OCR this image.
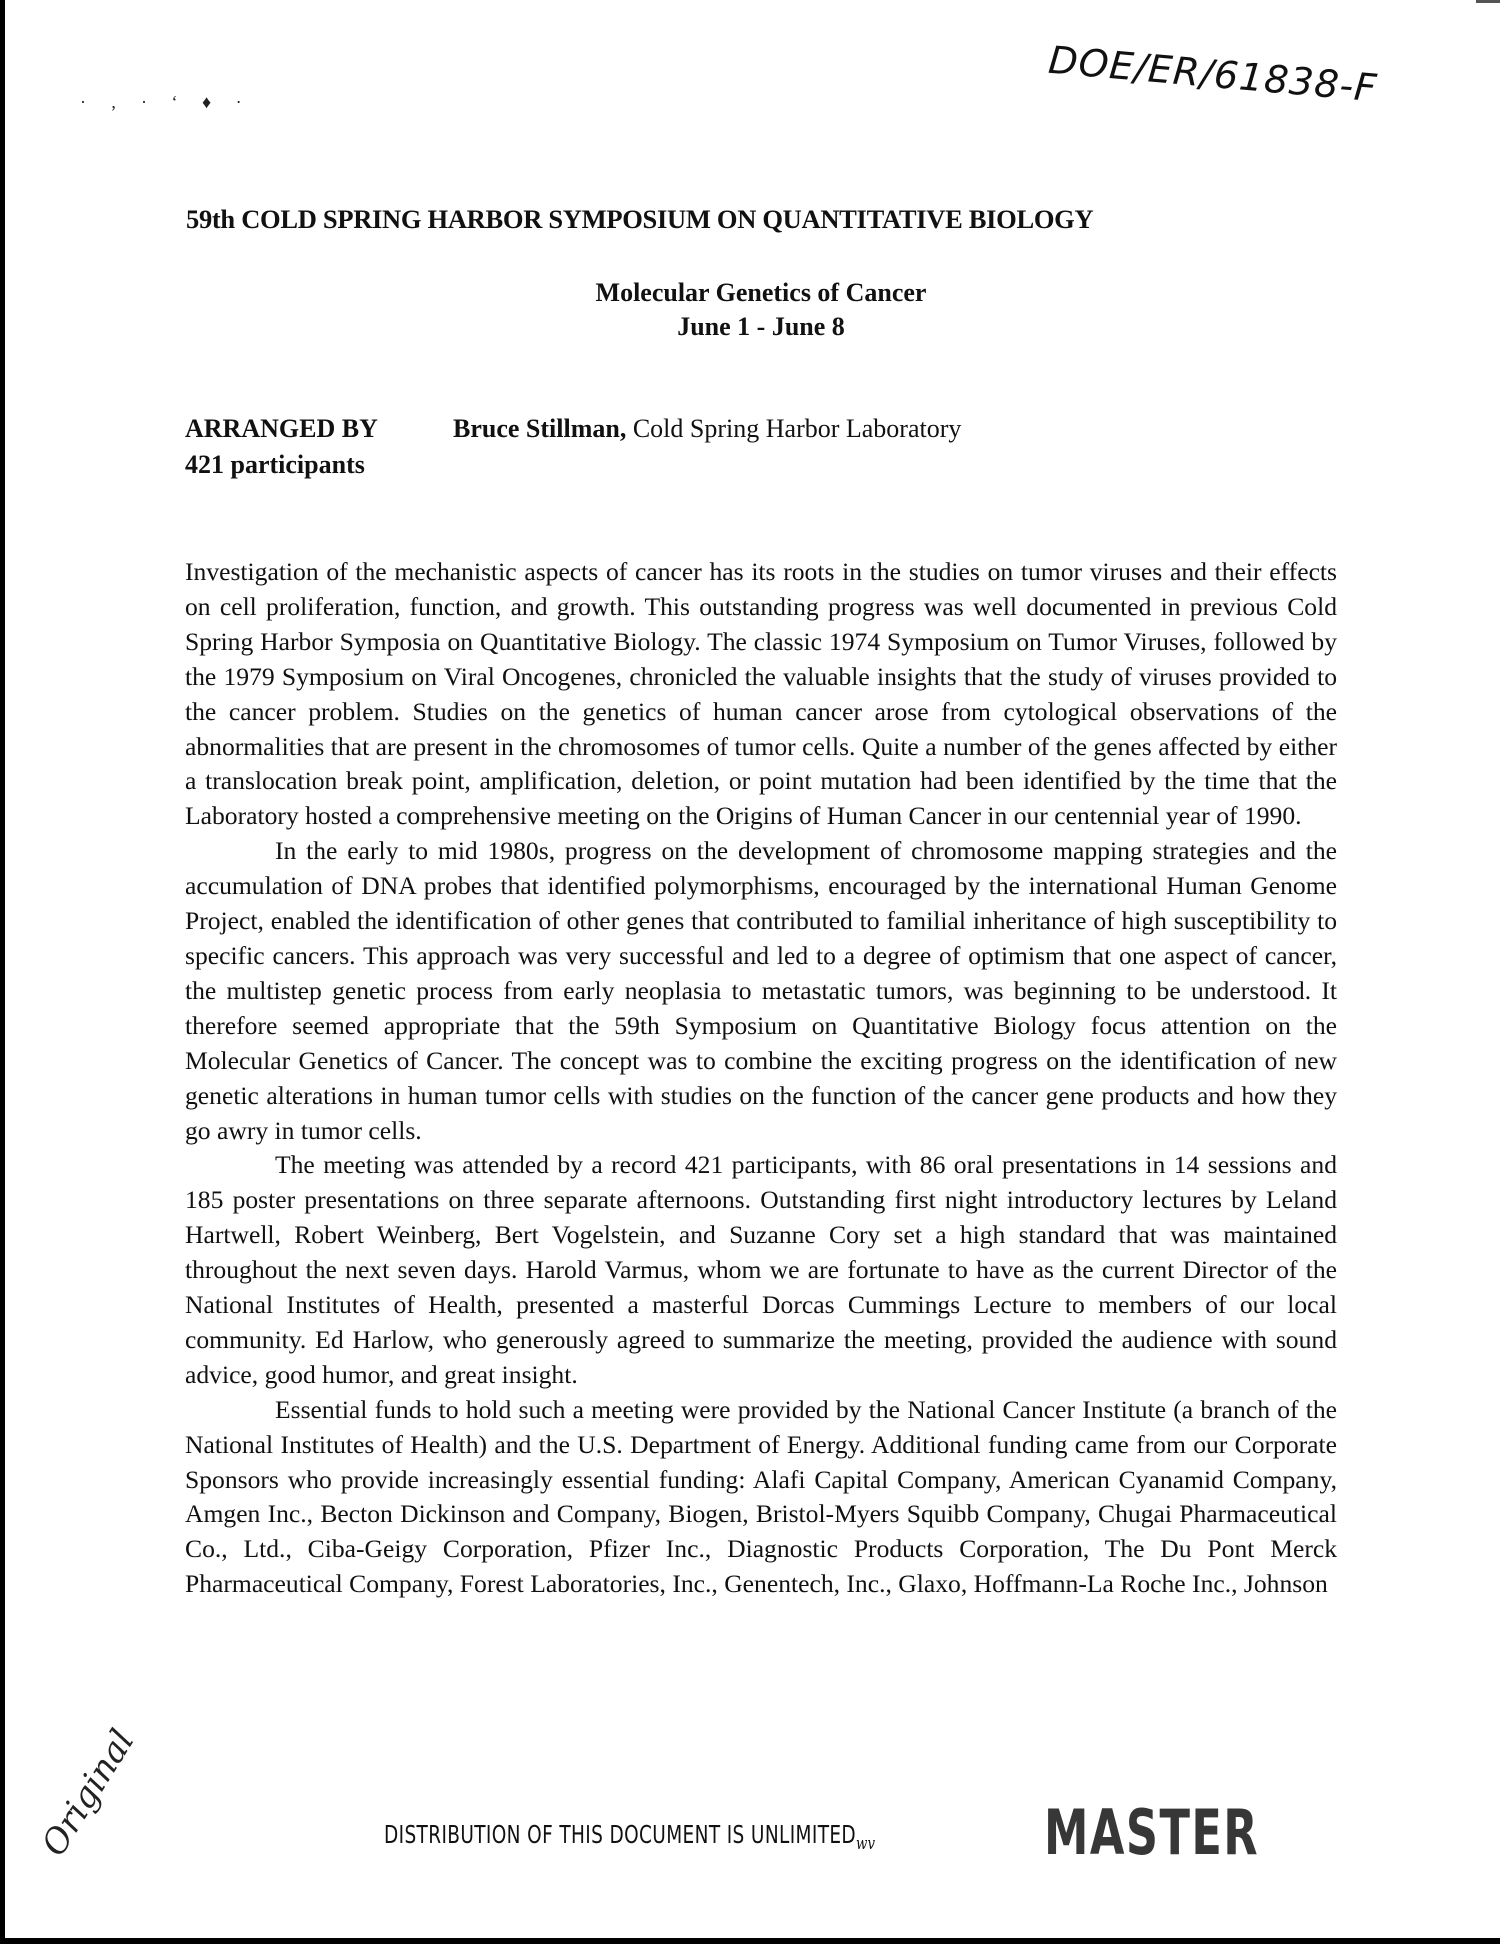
· ‚ · ‘ ♦ ·	DOE/ER/61838-F
59th COLD SPRING HARBOR SYMPOSIUM ON QUANTITATIVE BIOLOGY
Molecular Genetics of Cancer
June 1 - June 8
ARRANGED BY	Bruce Stillman, Cold Spring Harbor Laboratory
421 participants

Investigation of the mechanistic aspects of cancer has its roots in the studies on tumor viruses and their effects on cell proliferation, function, and growth. This outstanding progress was well documented in previous Cold Spring Harbor Symposia on Quantitative Biology. The classic 1974 Symposium on Tumor Viruses, followed by the 1979 Symposium on Viral Oncogenes, chronicled the valuable insights that the study of viruses provided to the cancer problem. Studies on the genetics of human cancer arose from cytological observations of the abnormalities that are present in the chromosomes of tumor cells. Quite a number of the genes affected by either a translocation break point, amplification, deletion, or point mutation had been identified by the time that the Laboratory hosted a comprehensive meeting on the Origins of Human Cancer in our centennial year of 1990.

In the early to mid 1980s, progress on the development of chromosome mapping strategies and the accumulation of DNA probes that identified polymorphisms, encouraged by the international Human Genome Project, enabled the identification of other genes that contributed to familial inheritance of high susceptibility to specific cancers. This approach was very successful and led to a degree of optimism that one aspect of cancer, the multistep genetic process from early neoplasia to metastatic tumors, was beginning to be understood. It therefore seemed appropriate that the 59th Symposium on Quantitative Biology focus attention on the Molecular Genetics of Cancer. The concept was to combine the exciting progress on the identification of new genetic alterations in human tumor cells with studies on the function of the cancer gene products and how they go awry in tumor cells.

The meeting was attended by a record 421 participants, with 86 oral presentations in 14 sessions and 185 poster presentations on three separate afternoons. Outstanding first night introductory lectures by Leland Hartwell, Robert Weinberg, Bert Vogelstein, and Suzanne Cory set a high standard that was maintained throughout the next seven days. Harold Varmus, whom we are fortunate to have as the current Director of the National Institutes of Health, presented a masterful Dorcas Cummings Lecture to members of our local community. Ed Harlow, who generously agreed to summarize the meeting, provided the audience with sound advice, good humor, and great insight.

Essential funds to hold such a meeting were provided by the National Cancer Institute (a branch of the National Institutes of Health) and the U.S. Department of Energy. Additional funding came from our Corporate Sponsors who provide increasingly essential funding: Alafi Capital Company, American Cyanamid Company, Amgen Inc., Becton Dickinson and Company, Biogen, Bristol-Myers Squibb Company, Chugai Pharmaceutical Co., Ltd., Ciba-Geigy Corporation, Pfizer Inc., Diagnostic Products Corporation, The Du Pont Merck Pharmaceutical Company, Forest Laboratories, Inc., Genentech, Inc., Glaxo, Hoffmann-La Roche Inc., Johnson

DISTRIBUTION OF THIS DOCUMENT IS $UNLIMITED_{wv}$	MASTER
Original
